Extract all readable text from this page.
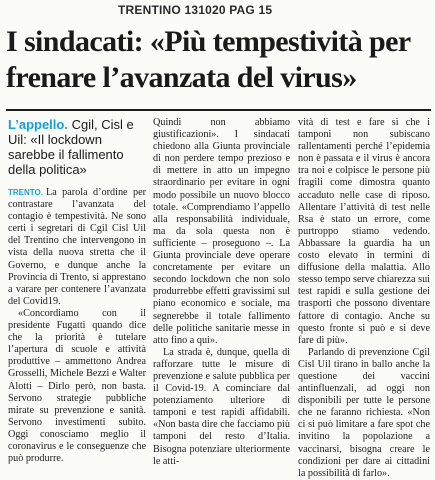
TRENTINO 131020 PAG 15
I sindacati: «Più tempestività per frenare l’avanzata del virus»
L’appello. Cgil, Cisl e Uil: «Il lockdown sarebbe il fallimento della politica»

TRENTO. La parola d’ordine per contrastare l’avanzata del contagio è tempestività. Ne sono certi i segretari di Cgil Cisl Uil del Trentino che intervengono in vista della nuova stretta che il Governo, e dunque anche la Provincia di Trento, si apprestano a varare per contenere l’avanzata del Covid19.

«Concordiamo con il presidente Fugatti quando dice che la priorità è tutelare l’apertura di scuole e attività produttive – ammettono Andrea Grosselli, Michele Bezzi e Walter Alotti – Dirlo però, non basta. Servono strategie pubbliche mirate su prevenzione e sanità. Servono investimenti subito. Oggi conosciamo meglio il coronavirus e le conseguenze che può produrre.

Quindi non abbiamo giustificazioni». I sindacati chiedono alla Giunta provinciale di non perdere tempo prezioso e di mettere in atto un impegno straordinario per evitare in ogni modo possibile un nuovo blocco totale. «Comprendiamo l’appello alla responsabilità individuale, ma da sola questa non è sufficiente – proseguono –. La Giunta provinciale deve operare concretamente per evitare un secondo lockdown che non solo produrrebbe effetti gravissimi sul piano economico e sociale, ma segnerebbe il totale fallimento delle politiche sanitarie messe in atto fino a qui».

La strada è, dunque, quella di rafforzare tutte le misure di prevenzione e salute pubblica per il Covid-19. A cominciare dal potenziamento ulteriore di tamponi e test rapidi affidabili. «Non basta dire che facciamo più tamponi del resto d’Italia. Bisogna potenziare ulteriormente le atti-

vità di test e fare sì che i tamponi non subiscano rallentamenti perché l’epidemia non è passata e il virus è ancora tra noi e colpisce le persone più fragili come dimostra quanto accaduto nelle case di riposo. Allentare l’attività di test nelle Rsa è stato un errore, come purtroppo stiamo vedendo. Abbassare la guardia ha un costo elevato in termini di diffusione della malattia. Allo stesso tempo serve chiarezza sui test rapidi e sulla gestione dei trasporti che possono diventare fattore di contagio. Anche su questo fronte si può e si deve fare di più».

Parlando di prevenzione Cgil Cisl Uil tirano in ballo anche la questione dei vaccini antinfluenzali, ad oggi non disponibili per tutte le persone che ne faranno richiesta. «Non ci si può limitare a fare spot che invitino la popolazione a vaccinarsi, bisogna creare le condizioni per dare ai cittadini la possibilità di farlo».
